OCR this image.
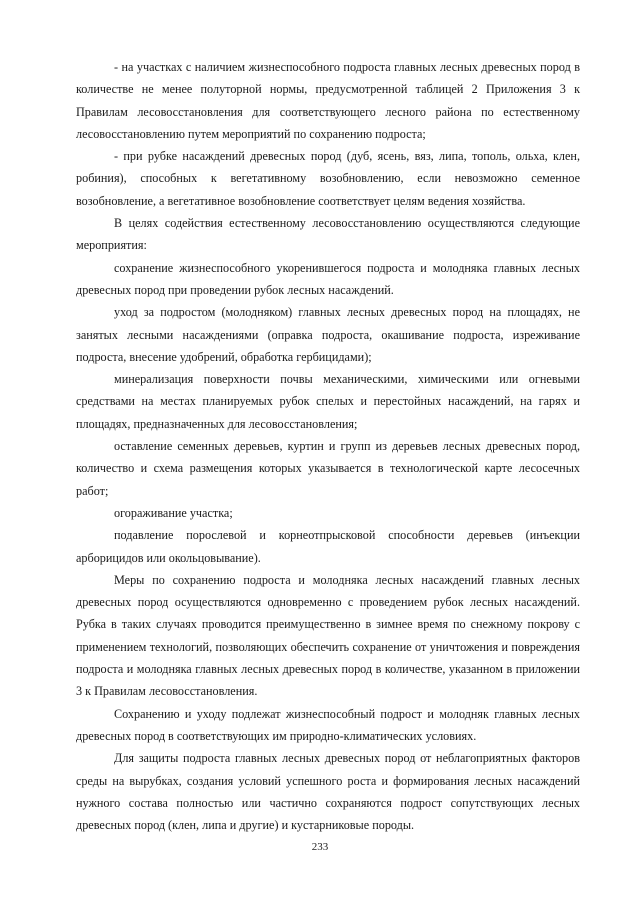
- на участках с наличием жизнеспособного подроста главных лесных древесных пород в количестве не менее полуторной нормы, предусмотренной таблицей 2 Приложения 3 к Правилам лесовосстановления для соответствующего лесного района по естественному лесовосстановлению путем мероприятий по сохранению подроста;

- при рубке насаждений древесных пород (дуб, ясень, вяз, липа, тополь, ольха, клен, робиния), способных к вегетативному возобновлению, если невозможно семенное возобновление, а вегетативное возобновление соответствует целям ведения хозяйства.

В целях содействия естественному лесовосстановлению осуществляются следующие мероприятия:

сохранение жизнеспособного укоренившегося подроста и молодняка главных лесных древесных пород при проведении рубок лесных насаждений.

уход за подростом (молодняком) главных лесных древесных пород на площадях, не занятых лесными насаждениями (оправка подроста, окашивание подроста, изреживание подроста, внесение удобрений, обработка гербицидами);

минерализация поверхности почвы механическими, химическими или огневыми средствами на местах планируемых рубок спелых и перестойных насаждений, на гарях и площадях, предназначенных для лесовосстановления;

оставление семенных деревьев, куртин и групп из деревьев лесных древесных пород, количество и схема размещения которых указывается в технологической карте лесосечных работ;

огораживание участка;

подавление порослевой и корнеотпрысковой способности деревьев (инъекции арборицидов или окольцовывание).

Меры по сохранению подроста и молодняка лесных насаждений главных лесных древесных пород осуществляются одновременно с проведением рубок лесных насаждений. Рубка в таких случаях проводится преимущественно в зимнее время по снежному покрову с применением технологий, позволяющих обеспечить сохранение от уничтожения и повреждения подроста и молодняка главных лесных древесных пород в количестве, указанном в приложении 3 к Правилам лесовосстановления.

Сохранению и уходу подлежат жизнеспособный подрост и молодняк главных лесных древесных пород в соответствующих им природно-климатических условиях.

Для защиты подроста главных лесных древесных пород от неблагоприятных факторов среды на вырубках, создания условий успешного роста и формирования лесных насаждений нужного состава полностью или частично сохраняются подрост сопутствующих лесных древесных пород (клен, липа и другие) и кустарниковые породы.

233
